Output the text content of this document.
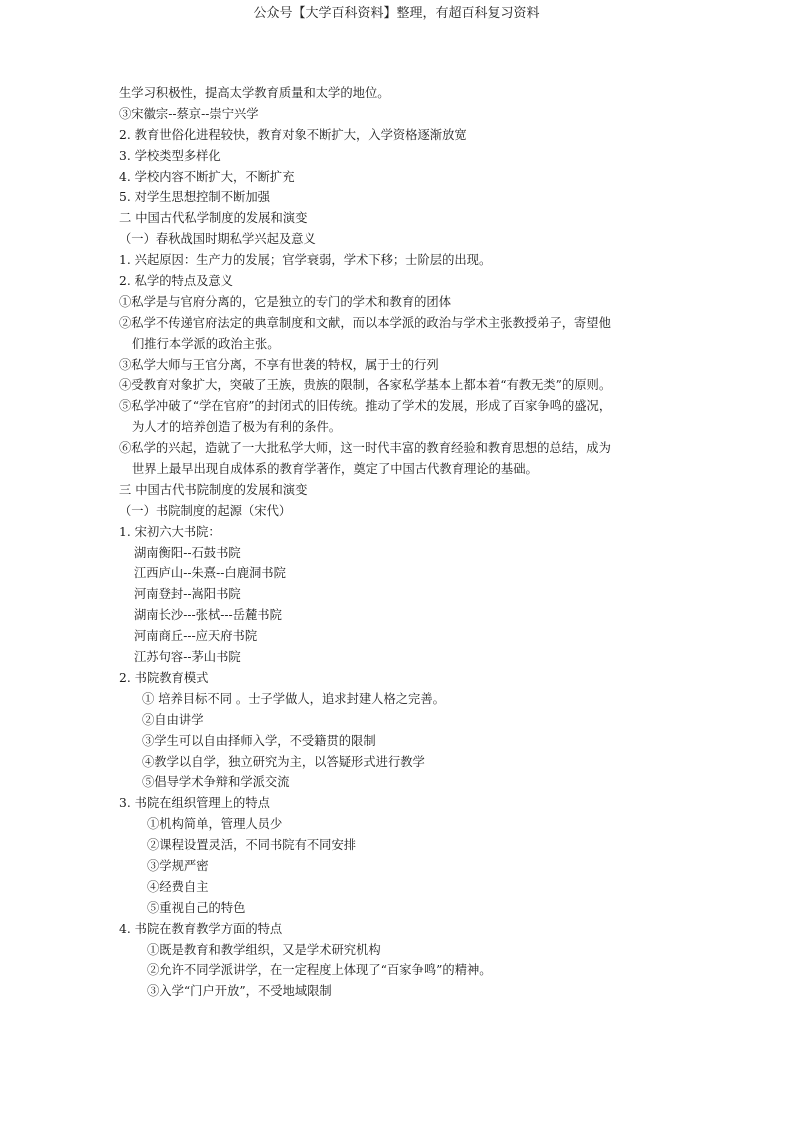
公众号【大学百科资料】整理，有超百科复习资料
生学习积极性，提高太学教育质量和太学的地位。
③宋徽宗--蔡京--崇宁兴学
2. 教育世俗化进程较快，教育对象不断扩大，入学资格逐渐放宽
3. 学校类型多样化
4. 学校内容不断扩大，不断扩充
5. 对学生思想控制不断加强
二 中国古代私学制度的发展和演变
（一）春秋战国时期私学兴起及意义
1. 兴起原因：生产力的发展；官学衰弱，学术下移；士阶层的出现。
2. 私学的特点及意义
①私学是与官府分离的，它是独立的专门的学术和教育的团体
②私学不传递官府法定的典章制度和文献，而以本学派的政治与学术主张教授弟子，寄望他
们推行本学派的政治主张。
③私学大师与王官分离，不享有世袭的特权，属于士的行列
④受教育对象扩大，突破了王族，贵族的限制，各家私学基本上都本着“有教无类”的原则。
⑤私学冲破了“学在官府”的封闭式的旧传统。推动了学术的发展，形成了百家争鸣的盛况，
为人才的培养创造了极为有利的条件。
⑥私学的兴起，造就了一大批私学大师，这一时代丰富的教育经验和教育思想的总结，成为
世界上最早出现自成体系的教育学著作，奠定了中国古代教育理论的基础。
三 中国古代书院制度的发展和演变
（一）书院制度的起源（宋代）
1. 宋初六大书院：
湖南衡阳--石鼓书院
江西庐山--朱熹--白鹿洞书院
河南登封--嵩阳书院
湖南长沙---张栻---岳麓书院
河南商丘---应天府书院
江苏句容--茅山书院
2. 书院教育模式
① 培养目标不同 。士子学做人，追求封建人格之完善。
②自由讲学
③学生可以自由择师入学，不受籍贯的限制
④教学以自学，独立研究为主，以答疑形式进行教学
⑤倡导学术争辩和学派交流
3. 书院在组织管理上的特点
①机构简单，管理人员少
②课程设置灵活，不同书院有不同安排
③学规严密
④经费自主
⑤重视自己的特色
4. 书院在教育教学方面的特点
①既是教育和教学组织，又是学术研究机构
②允许不同学派讲学，在一定程度上体现了“百家争鸣”的精神。
③入学“门户开放”，不受地域限制
